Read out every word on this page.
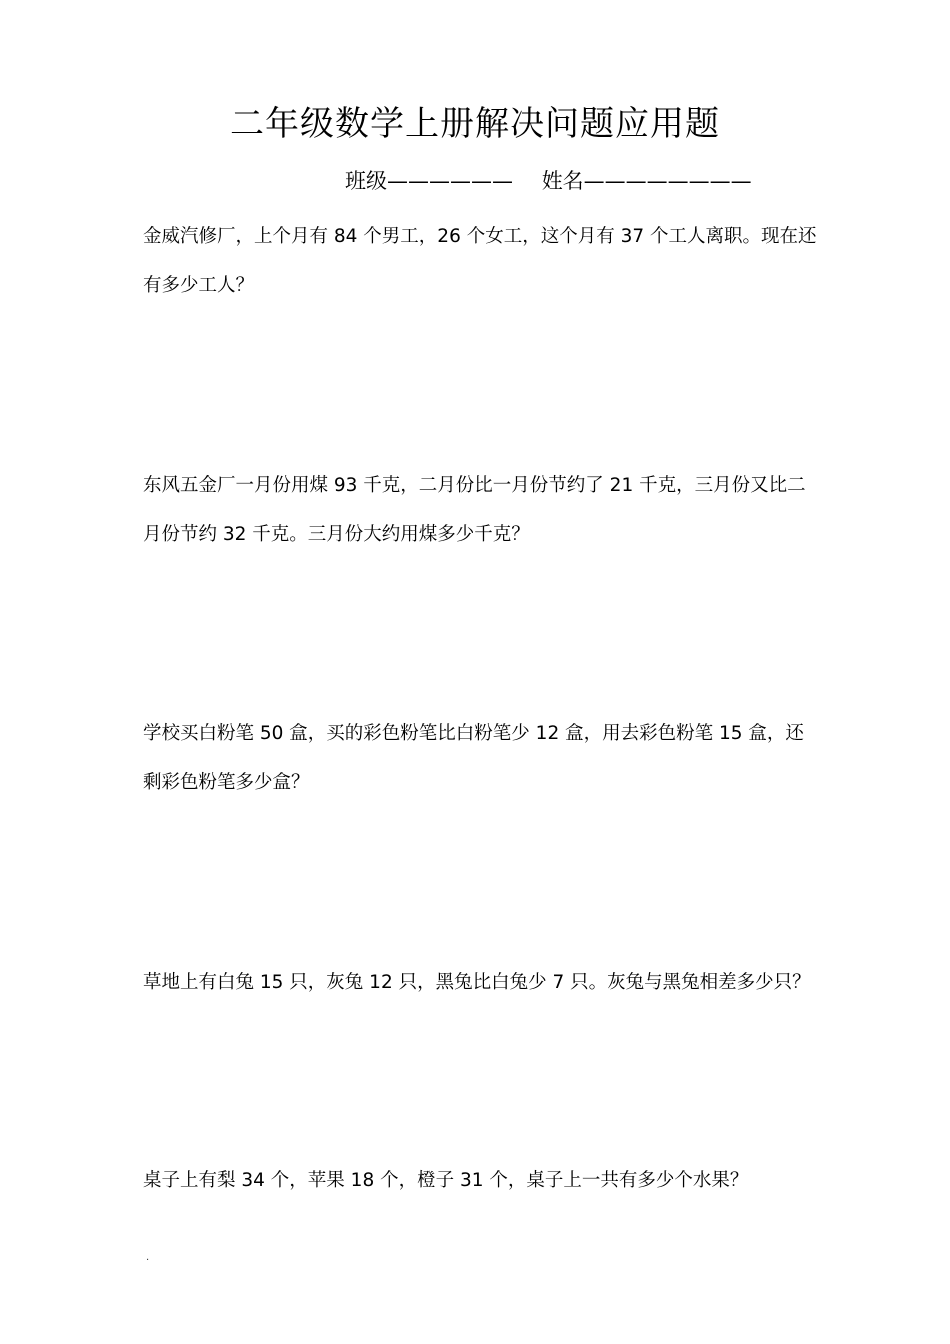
二年级数学上册解决问题应用题
班级—————— 姓名————————
金威汽修厂，上个月有 84 个男工，26 个女工，这个月有 37 个工人离职。现在还有多少工人？
东风五金厂一月份用煤 93 千克，二月份比一月份节约了 21 千克，三月份又比二月份节约 32 千克。三月份大约用煤多少千克？
学校买白粉笔 50 盒，买的彩色粉笔比白粉笔少 12 盒，用去彩色粉笔 15 盒，还剩彩色粉笔多少盒？
草地上有白兔 15 只，灰兔 12 只，黑兔比白兔少 7 只。灰兔与黑兔相差多少只？
桌子上有梨 34 个，苹果 18 个，橙子 31 个，桌子上一共有多少个水果？
.
